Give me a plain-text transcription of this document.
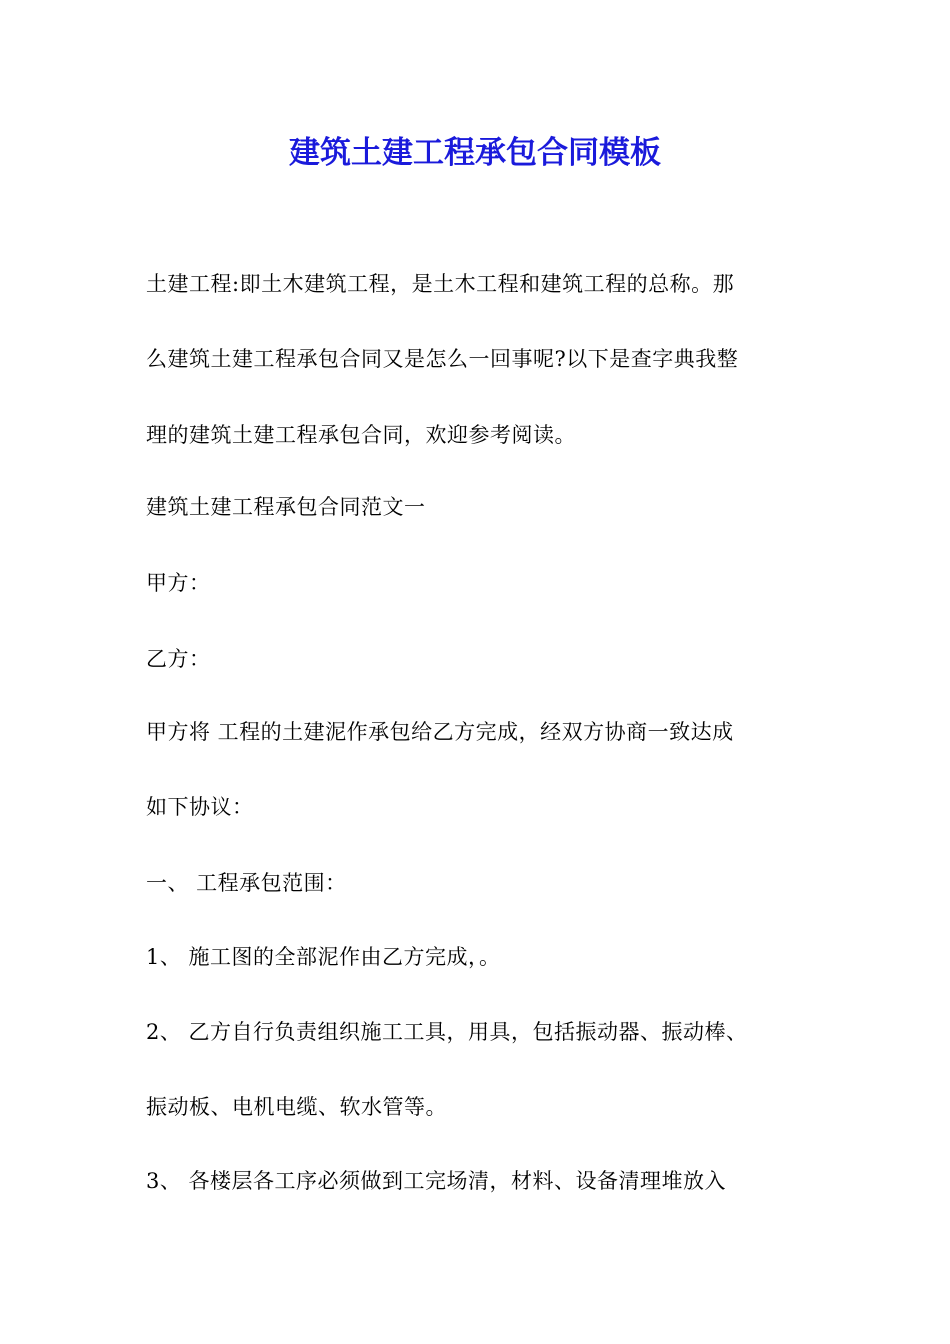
建筑土建工程承包合同模板

土建工程:即土木建筑工程，是土木工程和建筑工程的总称。那

么建筑土建工程承包合同又是怎么一回事呢?以下是查字典我整

理的建筑土建工程承包合同，欢迎参考阅读。

建筑土建工程承包合同范文一

甲方：

乙方：

甲方将 工程的土建泥作承包给乙方完成，经双方协商一致达成

如下协议：

一、 工程承包范围：

1、 施工图的全部泥作由乙方完成，。

2、 乙方自行负责组织施工工具，用具，包括振动器、振动棒、

振动板、电机电缆、软水管等。

3、 各楼层各工序必须做到工完场清，材料、设备清理堆放入
